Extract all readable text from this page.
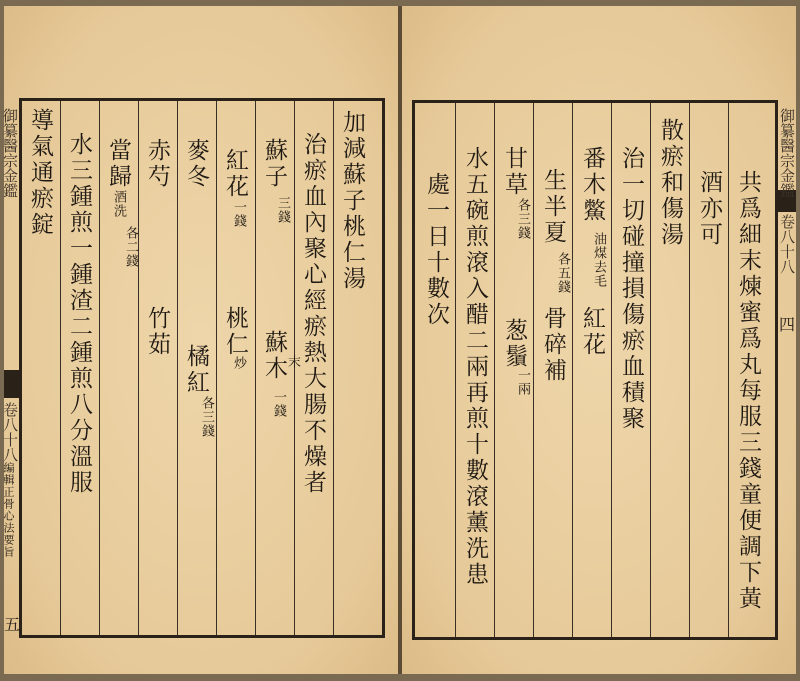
御纂醫宗金鑑
卷八十八
編輯正骨心法要旨
五
加減蘇子桃仁湯
治瘀血內聚心經瘀熱大腸不燥者
蘇子
三錢
蘇木
末
一錢
紅花
一錢
桃仁
炒
麥冬
橘紅
各三錢
赤芍
竹茹
當歸
酒洗
各二錢
水三鍾煎一鍾渣二鍾煎八分溫服
導氣通瘀錠	御纂醫宗金鑑
卷八十八
四
共爲細末煉蜜爲丸每服三錢童便調下黃
酒亦可
散瘀和傷湯
治一切碰撞損傷瘀血積聚
番木鱉
油煤去毛
紅花
生半夏
各五錢
骨碎補
甘草
各三錢
葱鬚
一兩
水五碗煎滾入醋二兩再煎十數滾薰洗患
處一日十數次
